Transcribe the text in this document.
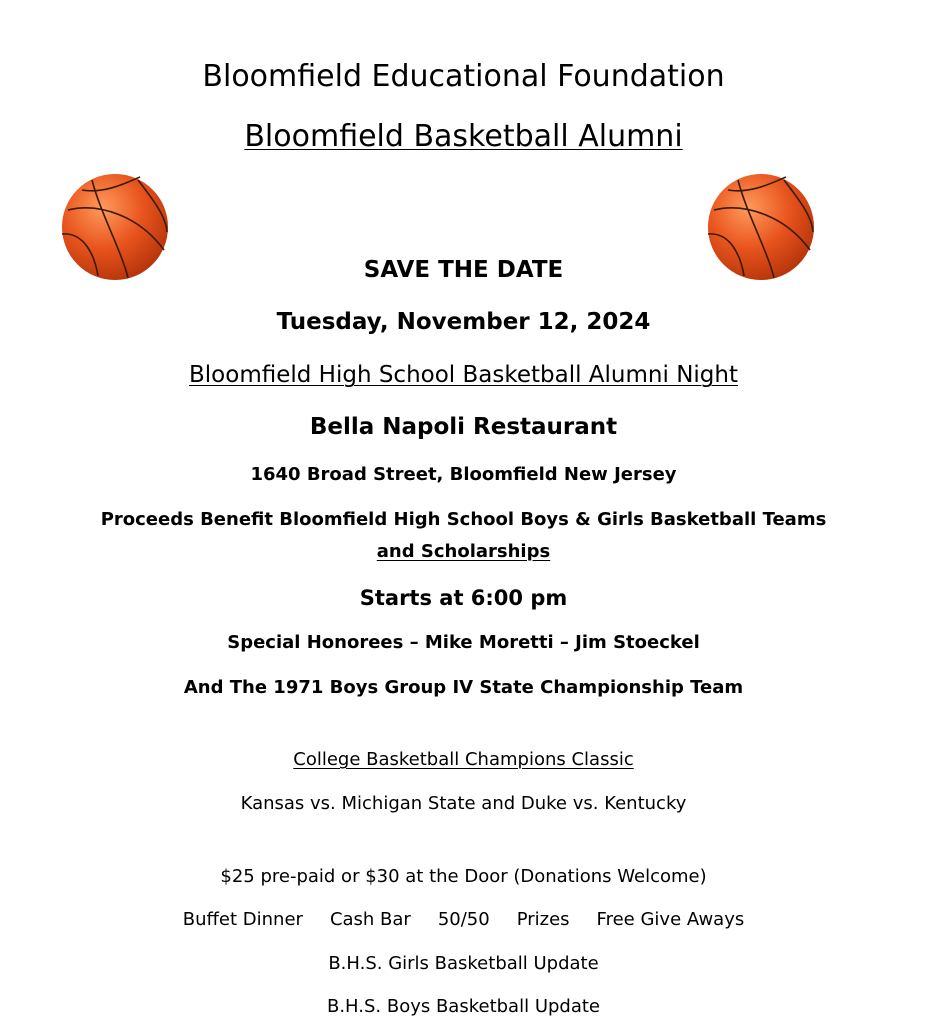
Bloomfield Educational Foundation
Bloomfield Basketball Alumni
SAVE THE DATE
Tuesday, November 12, 2024
Bloomfield High School Basketball Alumni Night
Bella Napoli Restaurant
1640 Broad Street, Bloomfield New Jersey
Proceeds Benefit Bloomfield High School Boys & Girls Basketball Teams
and Scholarships
Starts at 6:00 pm
Special Honorees – Mike Moretti – Jim Stoeckel
And The 1971 Boys Group IV State Championship Team
College Basketball Champions Classic
Kansas vs. Michigan State and Duke vs. Kentucky
$25 pre-paid or $30 at the Door (Donations Welcome)
Buffet Dinner Cash Bar 50/50 Prizes Free Give Aways
B.H.S. Girls Basketball Update
B.H.S. Boys Basketball Update
